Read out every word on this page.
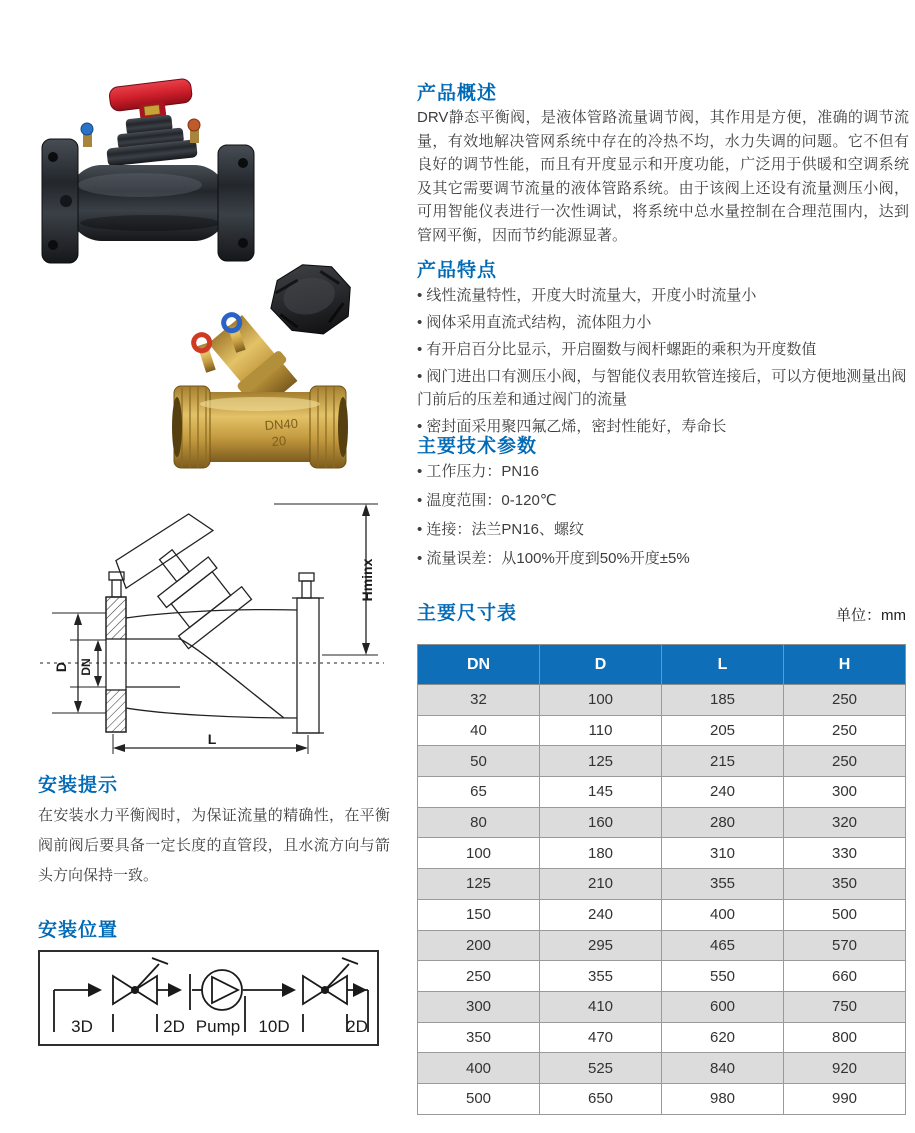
DN40
20
Hminx
D DN
L
安装提示
在安装水力平衡阀时，为保证流量的精确性，在平衡阀前阀后要具备一定长度的直管段，且水流方向与箭头方向保持一致。
安装位置
3D	2D Pump 10D	2D
产品概述
DRV静态平衡阀，是液体管路流量调节阀，其作用是方便，准确的调节流量，有效地解决管网系统中存在的冷热不均，水力失调的问题。它不但有良好的调节性能，而且有开度显示和开度功能，广泛用于供暖和空调系统及其它需要调节流量的液体管路系统。由于该阀上还设有流量测压小阀，可用智能仪表进行一次性调试，将系统中总水量控制在合理范围内，达到管网平衡，因而节约能源显著。
产品特点
• 线性流量特性，开度大时流量大，开度小时流量小
• 阀体采用直流式结构，流体阻力小
• 有开启百分比显示，开启圈数与阀杆螺距的乘积为开度数值
• 阀门进出口有测压小阀，与智能仪表用软管连接后，可以方便地测量出阀门前后的压差和通过阀门的流量
• 密封面采用聚四氟乙烯，密封性能好，寿命长
主要技术参数
• 工作压力：PN16
• 温度范围：0-120℃
• 连接：法兰PN16、螺纹
• 流量误差：从100%开度到50%开度±5%
主要尺寸表	单位：mm
DN	D	L	H
32	100	185	250
40	110	205	250
50	125	215	250
65	145	240	300
80	160	280	320
100	180	310	330
125	210	355	350
150	240	400	500
200	295	465	570
250	355	550	660
300	410	600	750
350	470	620	800
400	525	840	920
500	650	980	990
